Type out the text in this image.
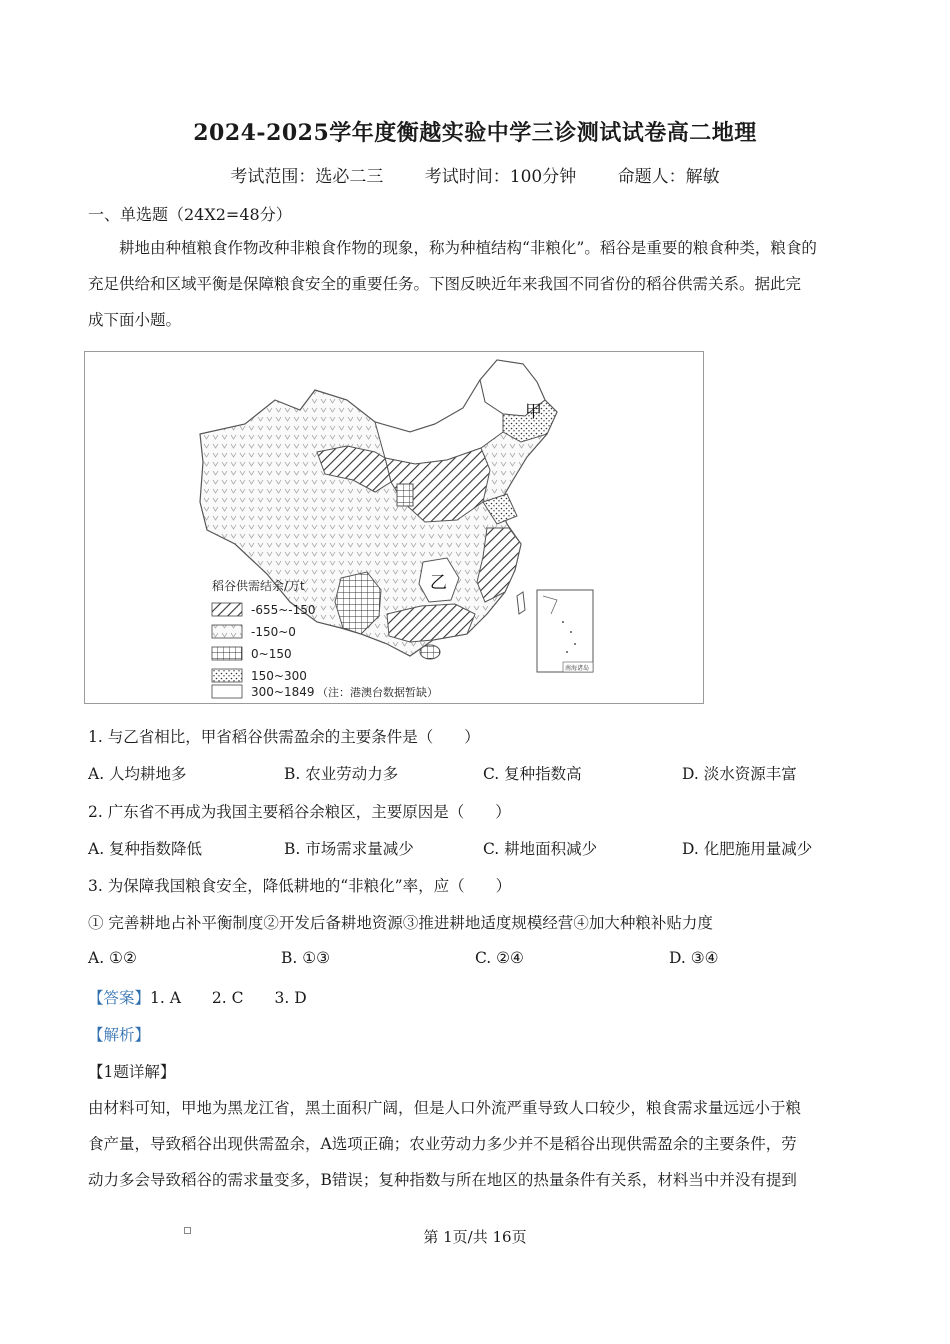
2024-2025学年度衡越实验中学三诊测试试卷高二地理
考试范围：选必二三 考试时间：100分钟 命题人：解敏
一、单选题（24X2=48分）

耕地由种植粮食作物改种非粮食作物的现象，称为种植结构“非粮化”。稻谷是重要的粮食种类，粮食的

充足供给和区域平衡是保障粮食安全的重要任务。下图反映近年来我国不同省份的稻谷供需关系。据此完

成下面小题。

甲
乙
南海诸岛
稻谷供需结余/万t
-655~-150
-150~0
0~150
150~300
300~1849 （注：港澳台数据暂缺）
1. 与乙省相比，甲省稻谷供需盈余的主要条件是（　　）
A. 人均耕地多	B. 农业劳动力多	C. 复种指数高	D. 淡水资源丰富
2. 广东省不再成为我国主要稻谷余粮区，主要原因是（　　）
A. 复种指数降低	B. 市场需求量减少	C. 耕地面积减少	D. 化肥施用量减少
3. 为保障我国粮食安全，降低耕地的“非粮化”率，应（　　）
① 完善耕地占补平衡制度②开发后备耕地资源③推进耕地适度规模经营④加大种粮补贴力度
A. ①②	B. ①③	C. ②④	D. ③④
【答案】1. A　　2. C　　3. D
【解析】
【1题详解】

由材料可知，甲地为黑龙江省，黑土面积广阔，但是人口外流严重导致人口较少，粮食需求量远远小于粮

食产量，导致稻谷出现供需盈余，A选项正确；农业劳动力多少并不是稻谷出现供需盈余的主要条件，劳

动力多会导致稻谷的需求量变多，B错误；复种指数与所在地区的热量条件有关系，材料当中并没有提到

第 1页/共 16页
